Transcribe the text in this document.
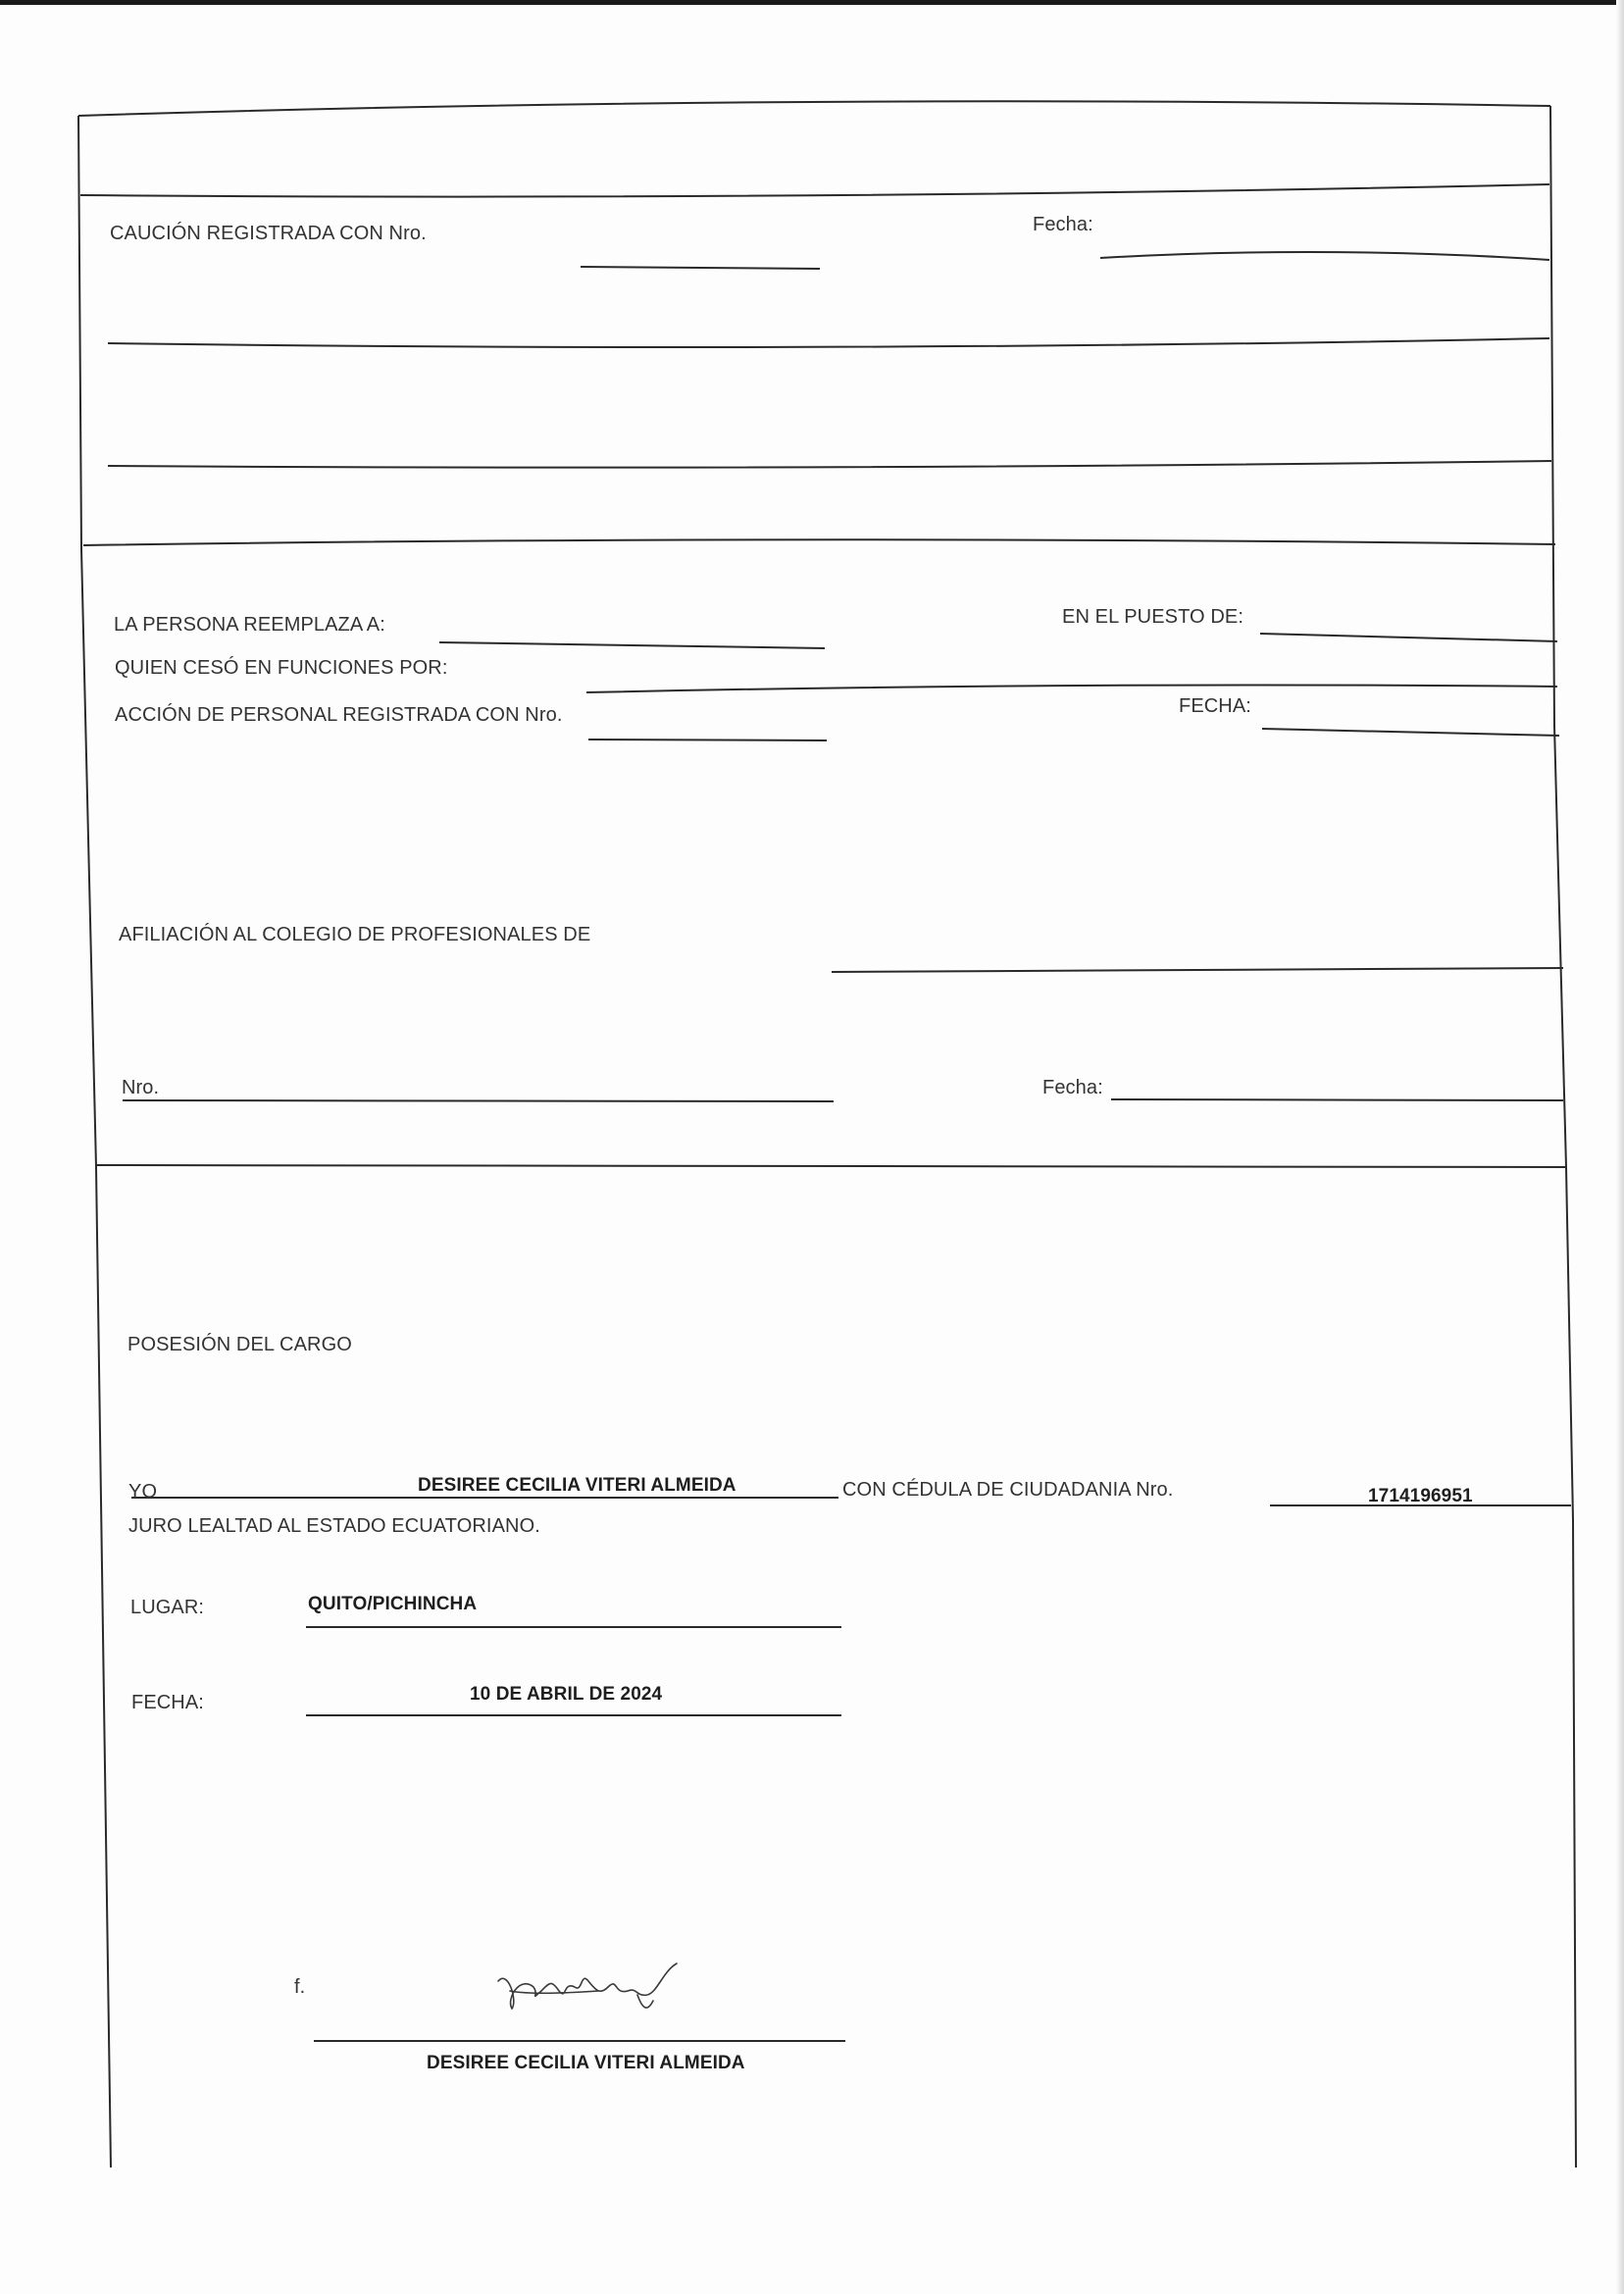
CAUCIÓN REGISTRADA CON Nro.	Fecha:
LA PERSONA REEMPLAZA A:	EN EL PUESTO DE:
QUIEN CESÓ EN FUNCIONES POR:
ACCIÓN DE PERSONAL REGISTRADA CON Nro.	FECHA:
AFILIACIÓN AL COLEGIO DE PROFESIONALES DE
Nro.	Fecha:
POSESIÓN DEL CARGO
YO	DESIREE CECILIA VITERI ALMEIDA	CON CÉDULA DE CIUDADANIA Nro.	1714196951
JURO LEALTAD AL ESTADO ECUATORIANO.
LUGAR:	QUITO/PICHINCHA
FECHA:	10 DE ABRIL DE 2024
f.
DESIREE CECILIA VITERI ALMEIDA
